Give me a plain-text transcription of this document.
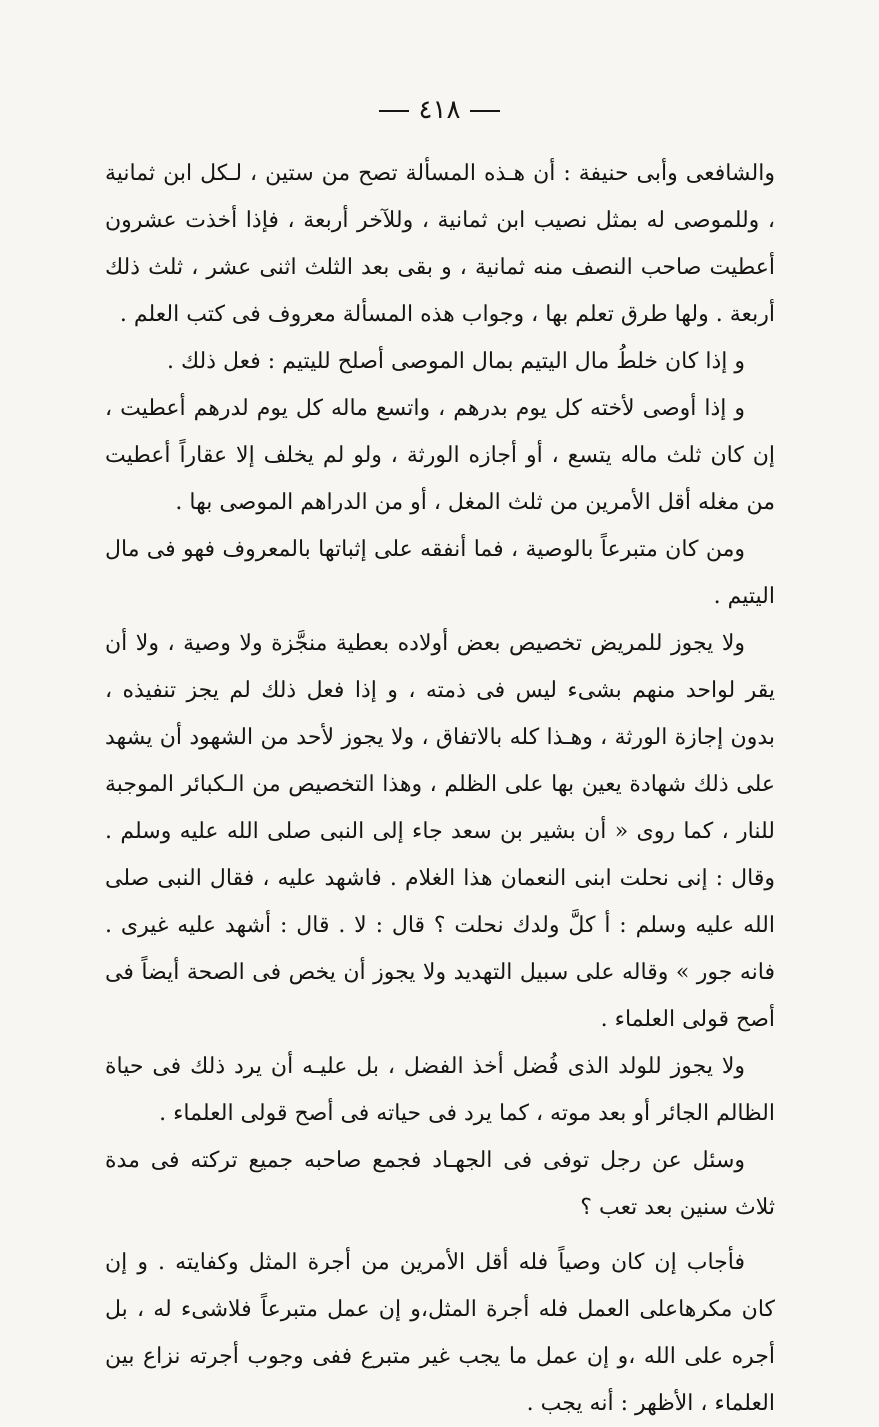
٤١٨

والشافعى وأبى حنيفة : أن هـذه المسألة تصح من ستين ، لـكل ابن ثمانية ، وللموصى له بمثل نصيب ابن ثمانية ، وللآخر أربعة ، فإذا أخذت عشرون أعطيت صاحب النصف منه ثمانية ، و بقى بعد الثلث اثنى عشر ، ثلث ذلك أربعة . ولها طرق تعلم بها ، وجواب هذه المسألة معروف فى كتب العلم .

و إذا كان خلطُ مال اليتيم بمال الموصى أصلح لليتيم : فعل ذلك .

و إذا أوصى لأخته كل يوم بدرهم ، واتسع ماله كل يوم لدرهم أعطيت ، إن كان ثلث ماله يتسع ، أو أجازه الورثة ، ولو لم يخلف إلا عقاراً أعطيت من مغله أقل الأمرين من ثلث المغل ، أو من الدراهم الموصى بها .

ومن كان متبرعاً بالوصية ، فما أنفقه على إثباتها بالمعروف فهو فى مال اليتيم .

ولا يجوز للمريض تخصيص بعض أولاده بعطية منجَّزة ولا وصية ، ولا أن يقر لواحد منهم بشىء ليس فى ذمته ، و إذا فعل ذلك لم يجز تنفيذه ، بدون إجازة الورثة ، وهـذا كله بالاتفاق ، ولا يجوز لأحد من الشهود أن يشهد على ذلك شهادة يعين بها على الظلم ، وهذا التخصيص من الـكبائر الموجبة للنار ، كما روى « أن بشير بن سعد جاء إلى النبى صلى الله عليه وسلم . وقال : إنى نحلت ابنى النعمان هذا الغلام . فاشهد عليه ، فقال النبى صلى الله عليه وسلم : أ كلَّ ولدك نحلت ؟ قال : لا . قال : أشهد عليه غيرى . فانه جور » وقاله على سبيل التهديد ولا يجوز أن يخص فى الصحة أيضاً فى أصح قولى العلماء .

ولا يجوز للولد الذى فُضل أخذ الفضل ، بل عليـه أن يرد ذلك فى حياة الظالم الجائر أو بعد موته ، كما يرد فى حياته فى أصح قولى العلماء .

وسئل عن رجل توفى فى الجهـاد فجمع صاحبه جميع تركته فى مدة ثلاث سنين بعد تعب ؟

فأجاب إن كان وصياً فله أقل الأمرين من أجرة المثل وكفايته . و إن كان مكرهاعلى العمل فله أجرة المثل،و إن عمل متبرعاً فلاشىء له ، بل أجره على الله ،و إن عمل ما يجب غير متبرع ففى وجوب أجرته نزاع بين العلماء ، الأظهر : أنه يجب .
